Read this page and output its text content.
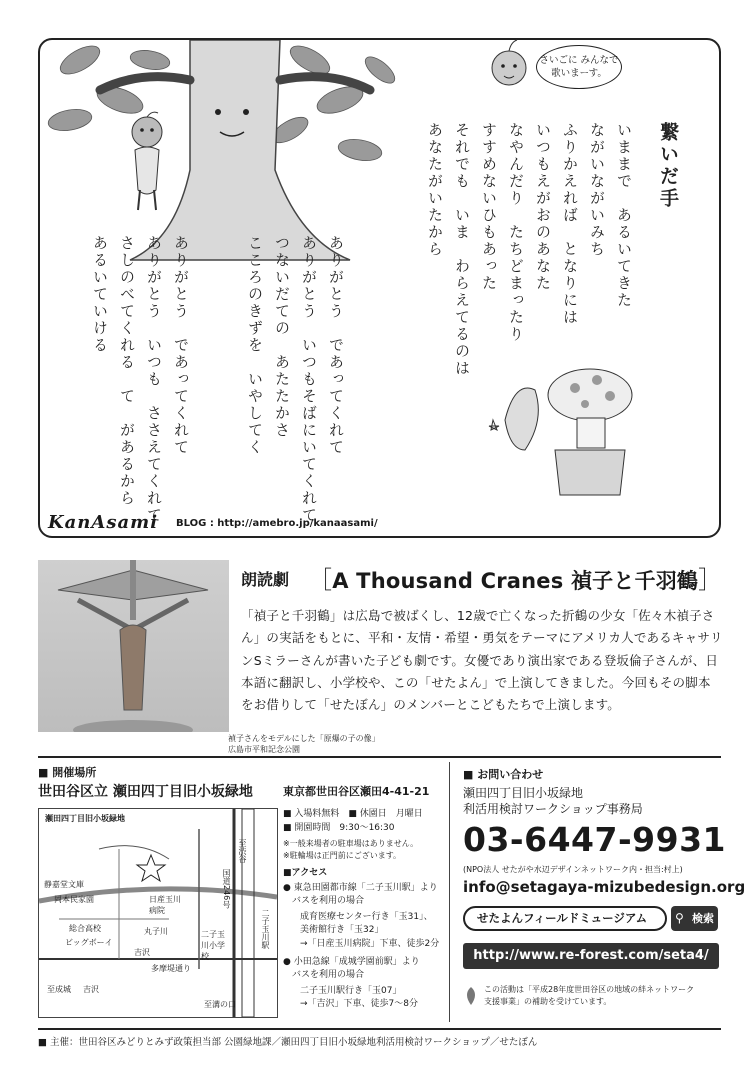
さいごに みんなで
歌いまーす。
繋いだ手
いままで　あるいてきた
ながいながいみち
ふりかえれば　となりには
いつもえがおのあなた
なやんだり　たちどまったり
すすめないひもあった
それでも　いま　わらえてるのは
あなたがいたから
ありがとう　であってくれて
ありがとう　いつもそばにいてくれて
つないだての　あたたかさ
こころのきずを　いやしてく
ありがとう　であってくれて
ありがとう　いつも　ささえてくれて
さしのべてくれる　て　があるから
あるいていける
KanAsami BLOG : http://amebro.jp/kanaasami/
禎子さんをモデルにした「原爆の子の像」
広島市平和記念公園
朗読劇 ［A Thousand Cranes 禎子と千羽鶴］
「禎子と千羽鶴」は広島で被ばくし、12歳で亡くなった折鶴の少女「佐々木禎子さん」の実話をもとに、平和・友情・希望・勇気をテーマにアメリカ人であるキャサリンSミラーさんが書いた子ども劇です。女優であり演出家である登坂倫子さんが、日本語に翻訳し、小学校や、この「せたよん」で上演してきました。今回もその脚本をお借りして「せたぼん」のメンバーとこどもたちで上演します。
■ 開催場所
世田谷区立 瀬田四丁目旧小坂緑地	東京都世田谷区瀬田4-41-21
瀬田四丁目旧小坂緑地
静嘉堂文庫
岡本民家園
総合高校
ビッグボーイ
丸子川
吉沢
多摩堤通り
至成城 吉沢
日産玉川病院
二子玉川小学校
至渋谷
国道246号
二子玉川駅
至溝の口
■ 入場料無料　■ 休園日　月曜日
■ 開園時間　9:30〜16:30
※一般来場者の駐車場はありません。
※駐輪場は正門前にございます。
■アクセス
● 東急田園都市線「二子玉川駅」より
　バスを利用の場合
成育医療センター行き「玉31」、
美術館行き「玉32」
→「日産玉川病院」下車、徒歩2分
● 小田急線「成城学園前駅」より
　バスを利用の場合
二子玉川駅行き「玉07」
→「吉沢」下車、徒歩7〜8分
■ お問い合わせ
瀬田四丁目旧小坂緑地
利活用検討ワークショップ事務局
03-6447-9931
(NPO法人 せたがや水辺デザインネットワーク内・担当:村上)
info@setagaya-mizubedesign.org
せたよんフィールドミュージアム	⚲ 検索
http://www.re-forest.com/seta4/
この活動は「平成28年度世田谷区の地域の絆ネットワーク
支援事業」の補助を受けています。
■ 主催：世田谷区みどりとみず政策担当部 公園緑地課／瀬田四丁目旧小坂緑地利活用検討ワークショップ／せたぼん
